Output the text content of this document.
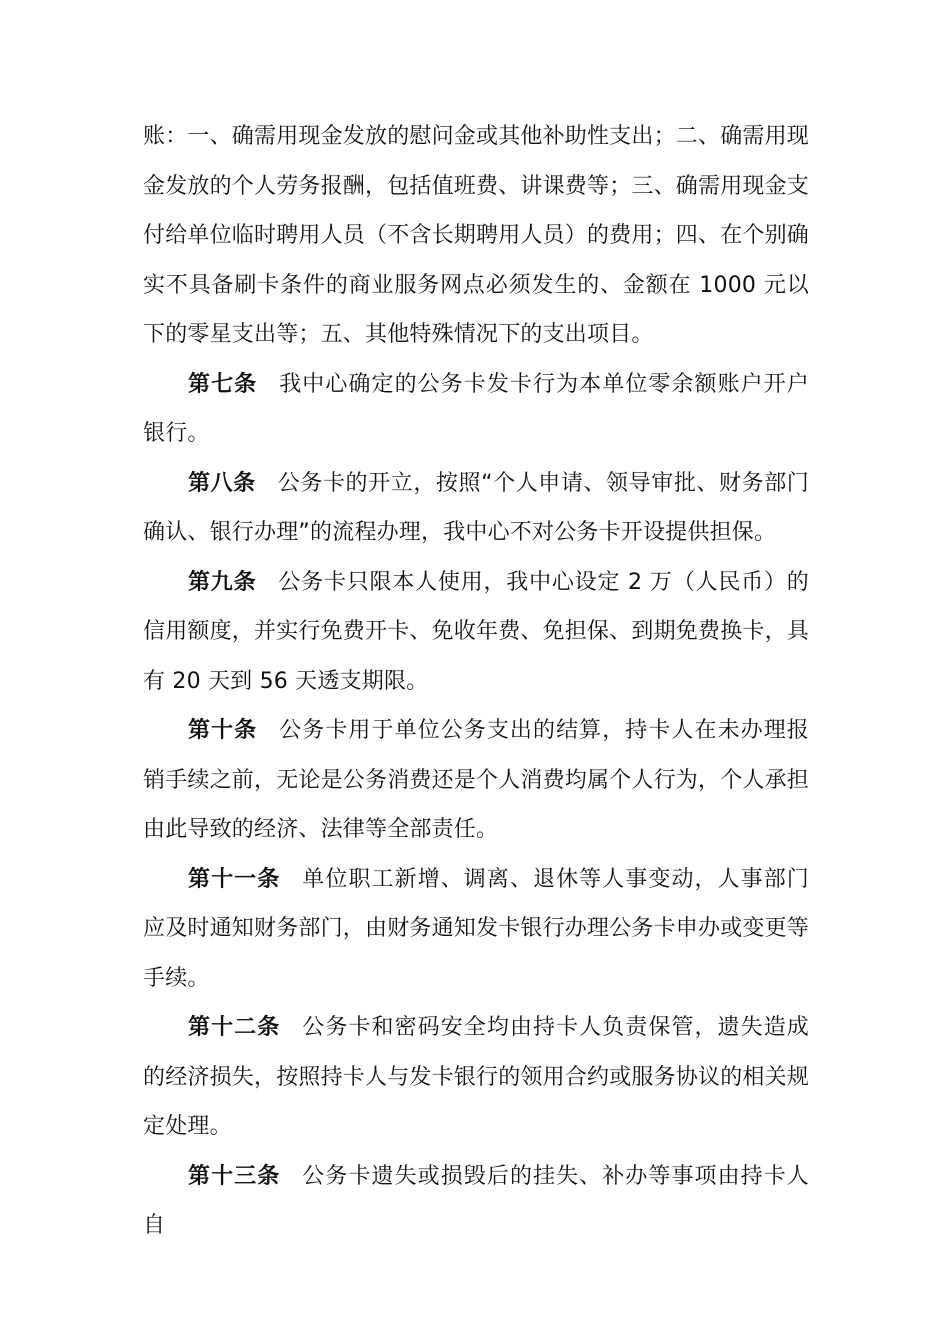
账：一、确需用现金发放的慰问金或其他补助性支出；二、确需用现金发放的个人劳务报酬，包括值班费、讲课费等；三、确需用现金支付给单位临时聘用人员（不含长期聘用人员）的费用；四、在个别确实不具备刷卡条件的商业服务网点必须发生的、金额在 1000 元以下的零星支出等；五、其他特殊情况下的支出项目。

第七条 我中心确定的公务卡发卡行为本单位零余额账户开户银行。

第八条 公务卡的开立，按照“个人申请、领导审批、财务部门确认、银行办理”的流程办理，我中心不对公务卡开设提供担保。

第九条 公务卡只限本人使用，我中心设定 2 万（人民币）的信用额度，并实行免费开卡、免收年费、免担保、到期免费换卡，具有 20 天到 56 天透支期限。

第十条 公务卡用于单位公务支出的结算，持卡人在未办理报销手续之前，无论是公务消费还是个人消费均属个人行为，个人承担由此导致的经济、法律等全部责任。

第十一条 单位职工新增、调离、退休等人事变动，人事部门应及时通知财务部门，由财务通知发卡银行办理公务卡申办或变更等手续。

第十二条 公务卡和密码安全均由持卡人负责保管，遗失造成的经济损失，按照持卡人与发卡银行的领用合约或服务协议的相关规定处理。

第十三条 公务卡遗失或损毁后的挂失、补办等事项由持卡人自
